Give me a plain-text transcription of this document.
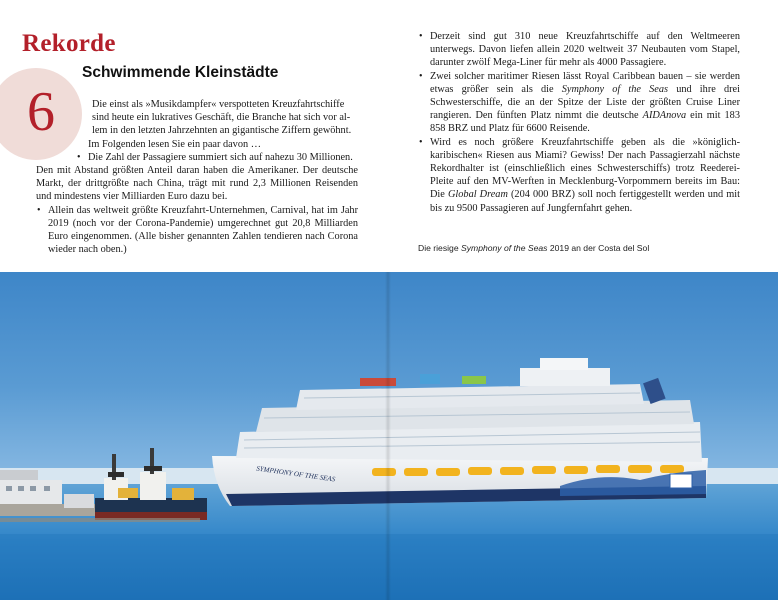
6
Rekorde
Schwimmende Kleinstädte

Die einst als »Musikdampfer« verspotteten Kreuzfahrtschiffe

sind heute ein lukratives Geschäft, die Branche hat sich vor al-

lem in den letzten Jahrzehnten an gigantische Ziffern gewöhnt.

Im Folgenden lesen Sie ein paar davon …

• Die Zahl der Passagiere summiert sich auf nahezu 30 Millionen.

Den mit Abstand größten Anteil daran haben die Amerikaner. Der deutsche Markt, der drittgrößte nach China, trägt mit rund 2,3 Millionen Reisenden und mindestens vier Milliarden Euro dazu bei.

• Allein das weltweit größte Kreuzfahrt-Unternehmen, Carnival, hat im Jahr 2019 (noch vor der Corona-Pandemie) umgerechnet gut 20,8 Milliarden Euro eingenommen. (Alle bisher genannten Zahlen tendieren nach Corona wieder nach oben.)
• Derzeit sind gut 310 neue Kreuzfahrtschiffe auf den Weltmeeren unterwegs. Davon liefen allein 2020 weltweit 37 Neubauten vom Stapel, darunter zwölf Mega-Liner für mehr als 4000 Passagiere.
• Zwei solcher maritimer Riesen lässt Royal Caribbean bauen – sie werden etwas größer sein als die Symphony of the Seas und ihre drei Schwesterschiffe, die an der Spitze der Liste der größten Cruise Liner rangieren. Den fünften Platz nimmt die deutsche AIDAnova ein mit 183 858 BRZ und Platz für 6600 Reisende.
• Wird es noch größere Kreuzfahrtschiffe geben als die »königlich-karibischen« Riesen aus Miami? Gewiss! Der nach Passagierzahl nächste Rekordhalter ist (einschließlich eines Schwesterschiffs) trotz Reederei-Pleite auf den MV-Werften in Mecklenburg-Vorpommern bereits im Bau: Die Global Dream (204 000 BRZ) soll noch fertiggestellt werden und mit bis zu 9500 Passagieren auf Jungfernfahrt gehen.
Die riesige Symphony of the Seas 2019 an der Costa del Sol
SYMPHONY OF THE SEAS
